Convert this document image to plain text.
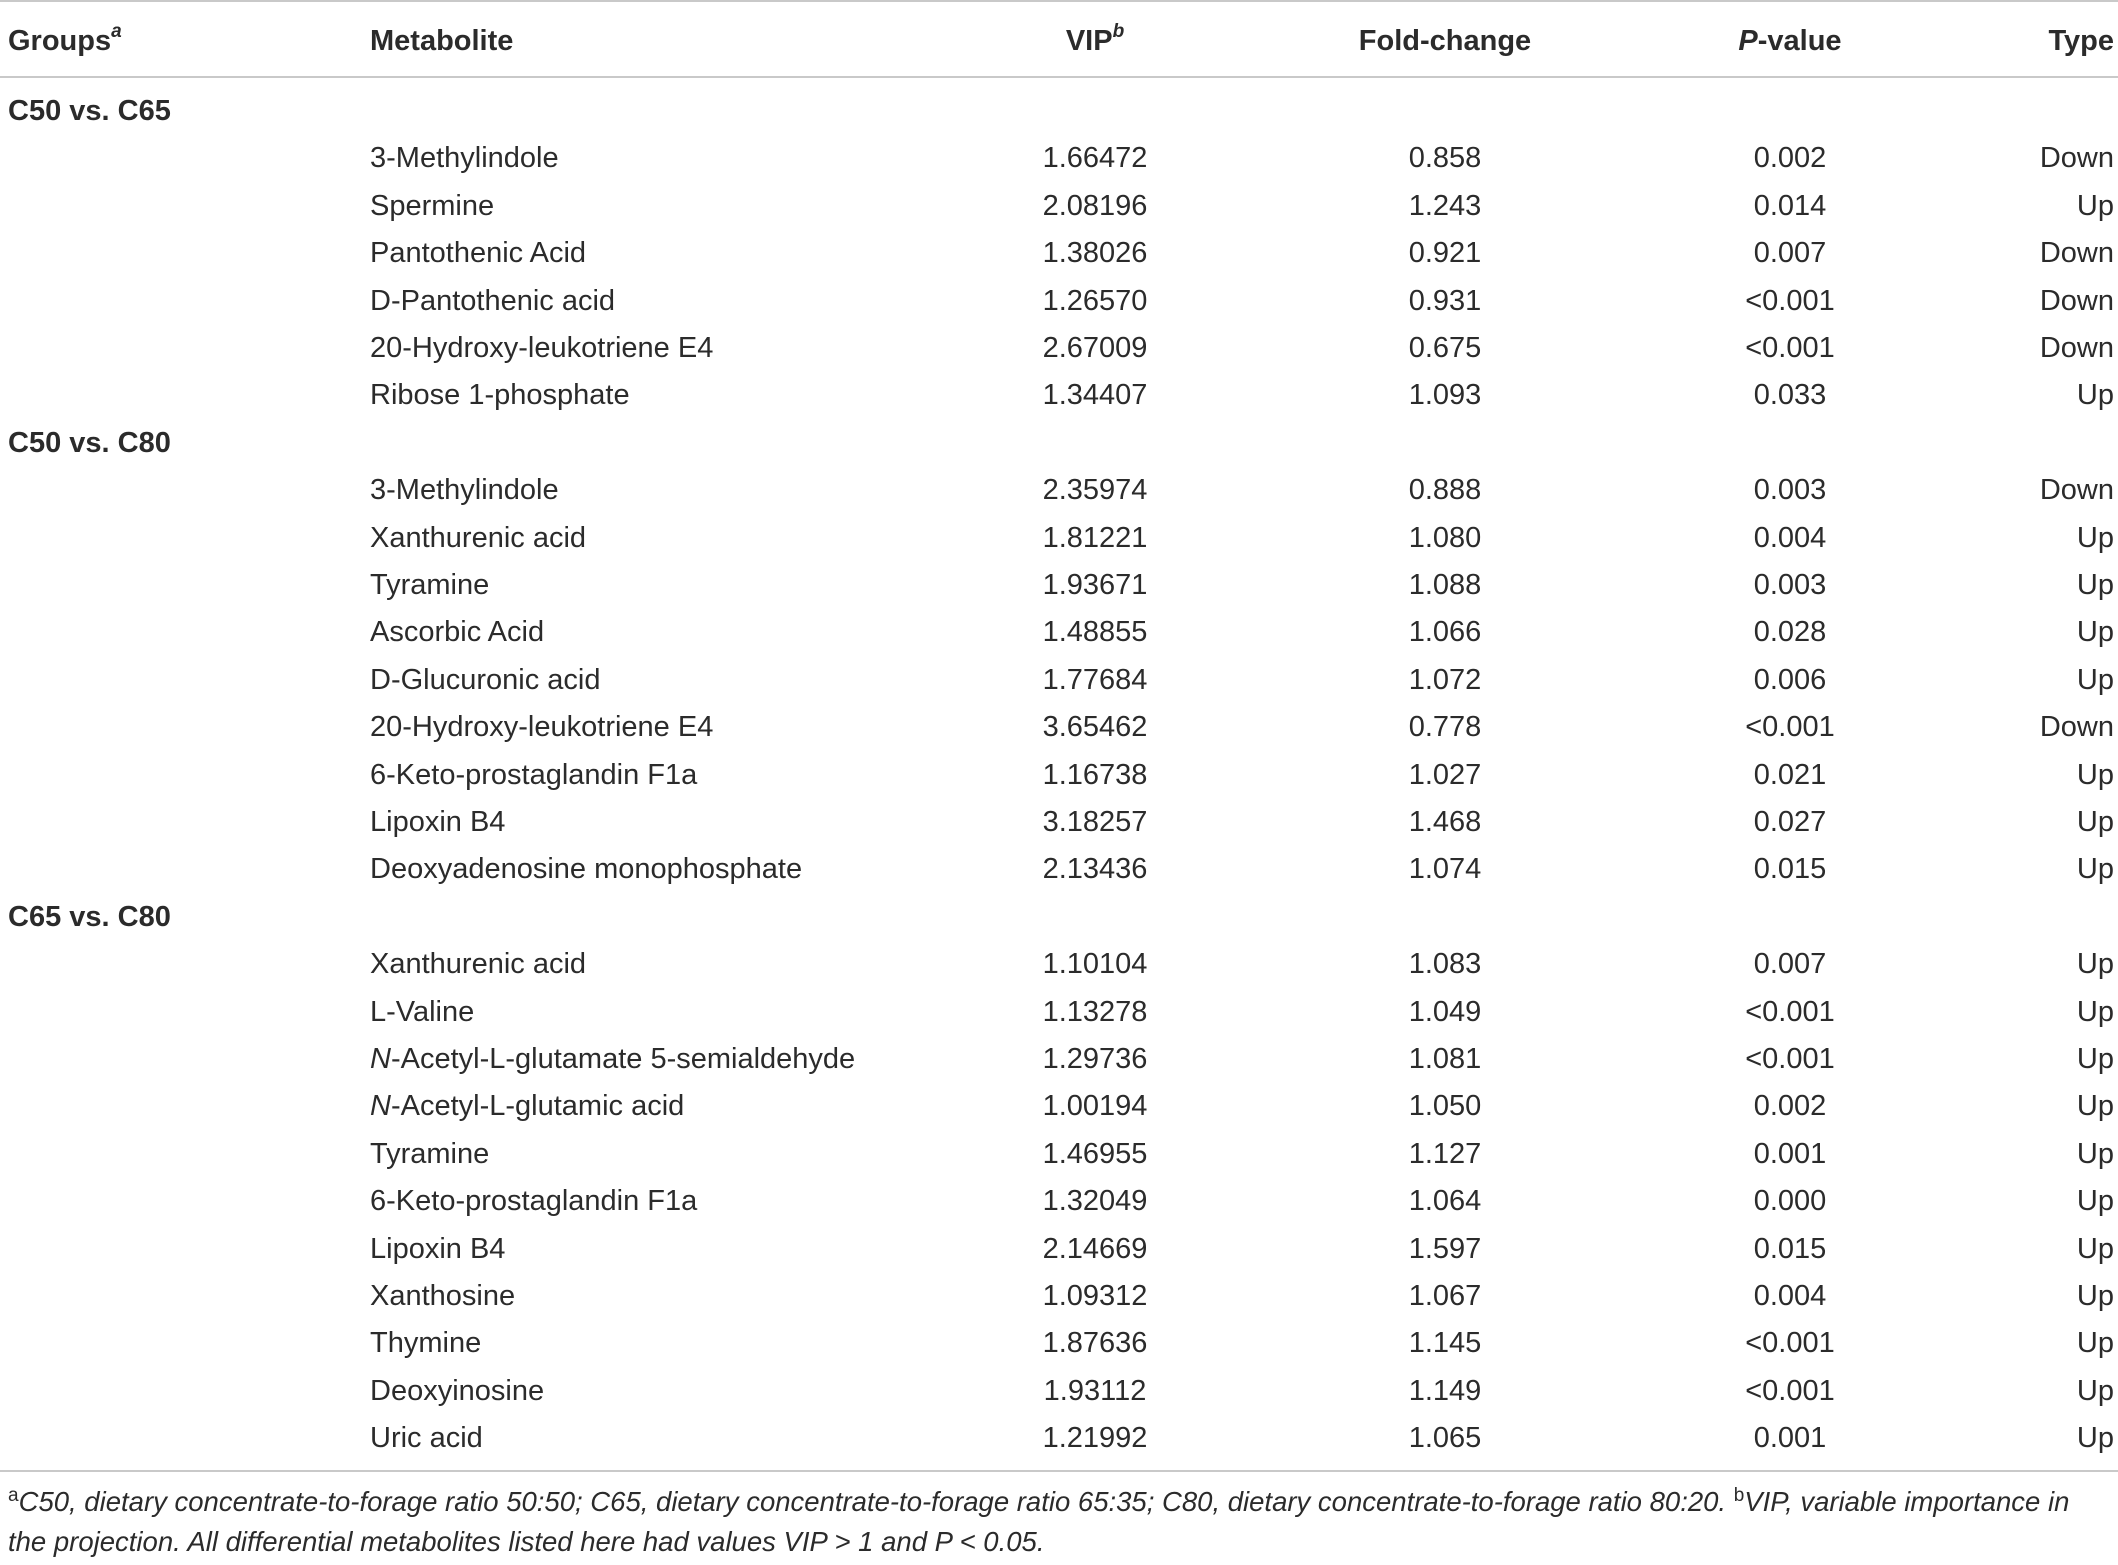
Groups$^a$	Metabolite	VIP$^b$	Fold-change	P-value	Type
C50 vs. C65
3-Methylindole	1.66472	0.858	0.002	Down
Spermine	2.08196	1.243	0.014	Up
Pantothenic Acid	1.38026	0.921	0.007	Down
D-Pantothenic acid	1.26570	0.931	<0.001	Down
20-Hydroxy-leukotriene E4	2.67009	0.675	<0.001	Down
Ribose 1-phosphate	1.34407	1.093	0.033	Up
C50 vs. C80
3-Methylindole	2.35974	0.888	0.003	Down
Xanthurenic acid	1.81221	1.080	0.004	Up
Tyramine	1.93671	1.088	0.003	Up
Ascorbic Acid	1.48855	1.066	0.028	Up
D-Glucuronic acid	1.77684	1.072	0.006	Up
20-Hydroxy-leukotriene E4	3.65462	0.778	<0.001	Down
6-Keto-prostaglandin F1a	1.16738	1.027	0.021	Up
Lipoxin B4	3.18257	1.468	0.027	Up
Deoxyadenosine monophosphate	2.13436	1.074	0.015	Up
C65 vs. C80
Xanthurenic acid	1.10104	1.083	0.007	Up
L-Valine	1.13278	1.049	<0.001	Up
N-Acetyl-L-glutamate 5-semialdehyde	1.29736	1.081	<0.001	Up
N-Acetyl-L-glutamic acid	1.00194	1.050	0.002	Up
Tyramine	1.46955	1.127	0.001	Up
6-Keto-prostaglandin F1a	1.32049	1.064	0.000	Up
Lipoxin B4	2.14669	1.597	0.015	Up
Xanthosine	1.09312	1.067	0.004	Up
Thymine	1.87636	1.145	<0.001	Up
Deoxyinosine	1.93112	1.149	<0.001	Up
Uric acid	1.21992	1.065	0.001	Up
$^a$C50, dietary concentrate-to-forage ratio 50:50; C65, dietary concentrate-to-forage ratio 65:35; C80, dietary concentrate-to-forage ratio 80:20. $^b$VIP, variable importance in the projection. All differential metabolites listed here had values VIP > 1 and P < 0.05.
